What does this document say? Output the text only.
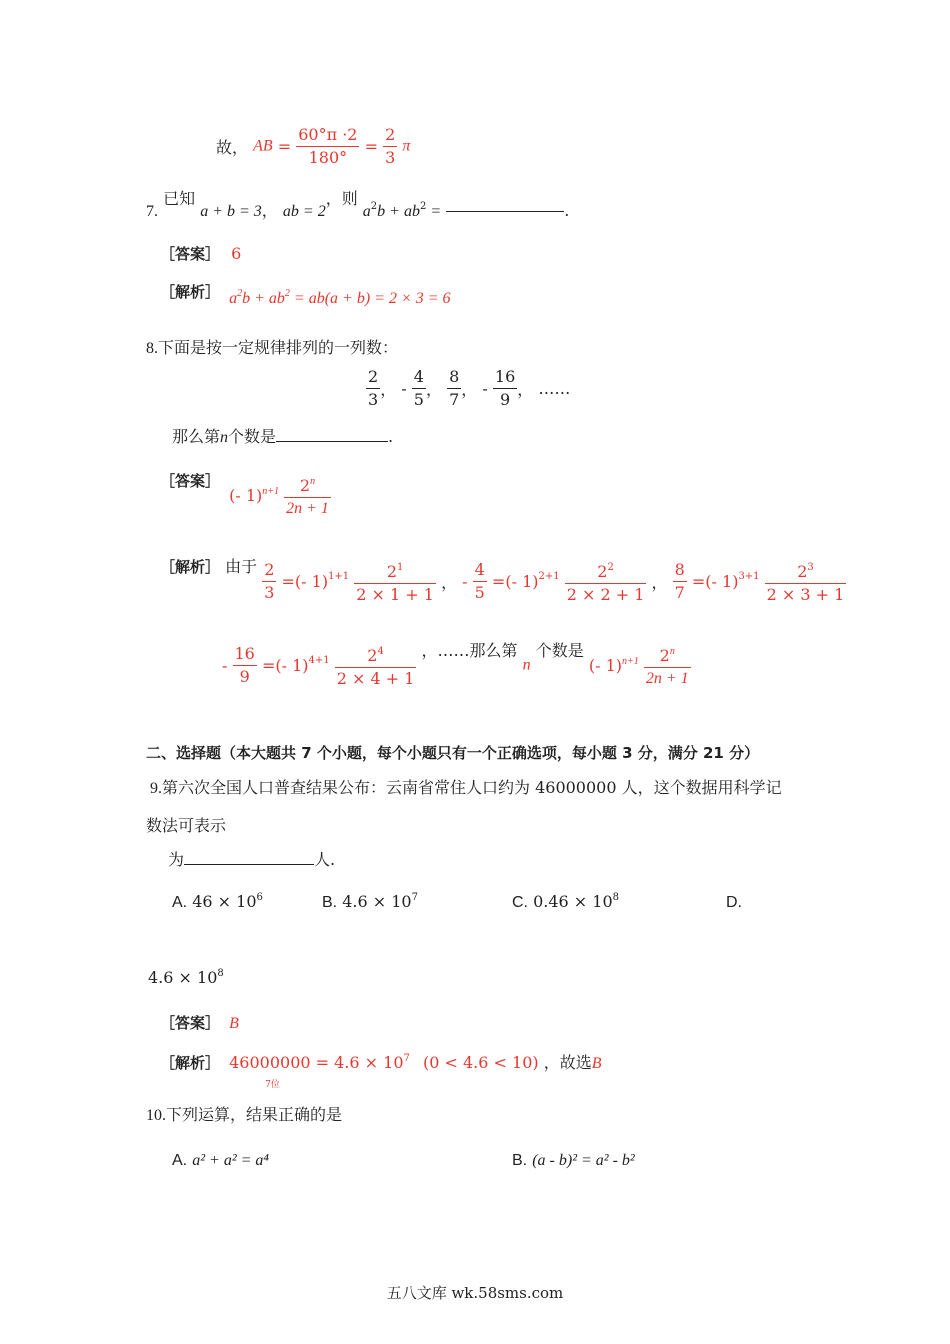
故， AB = $\frac{60^\circ\pi \cdot 2}{180^\circ} = \frac{2}{3}$ π
7. 已知 a + b = 3， ab = 2，则 $a^2b + ab^2$ =	.
［答案］ 6
［解析］ $a^2b + ab^2 = ab(a + b) = 2 \times 3 = 6$
8.下面是按一定规律排列的一列数：
$\frac{2}{3}$ ， - $\frac{4}{5}$ ， $\frac{8}{7}$ ， - $\frac{16}{9}$ ， ……
那么第n个数是	.
［答案］ (- $1)^{n+1} \frac{2^n}{2n + 1}$
［解析］ 由于 $\frac{2}{3}$ =(- $1)^{1+1} \frac{2^1}{2 \times 1 + 1}$ ， - $\frac{4}{5}$ =(- $1)^{2+1} \frac{2^2}{2 \times 2 + 1}$ ， $\frac{8}{7}$ =(- $1)^{3+1} \frac{2^3}{2 \times 3 + 1}$
- $\frac{16}{9}$ =(- $1)^{4+1} \frac{2^4}{2 \times 4 + 1}$ ，……那么第 n 个数是 (- $1)^{n+1} \frac{2^n}{2n + 1}$
二、选择题（本大题共 7 个小题，每个小题只有一个正确选项，每小题 3 分，满分 21 分）
9.第六次全国人口普查结果公布：云南省常住人口约为 46000000 人，这个数据用科学记
数法可表示
为	人.
A. $46 \times 10^6$	B. $4.6 \times 10^7$	C. $0.46 \times 10^8$	D.
$4.6 \times 10^8$
［答案］ B
［解析］ $46000000 = 4.6 \times 10^7$ (0 < 4.6 < 10)
7位
，故选B
10.下列运算，结果正确的是
A. a² + a² = a⁴	B. (a - b)² = a² - b²
五八文库 wk.58sms.com
